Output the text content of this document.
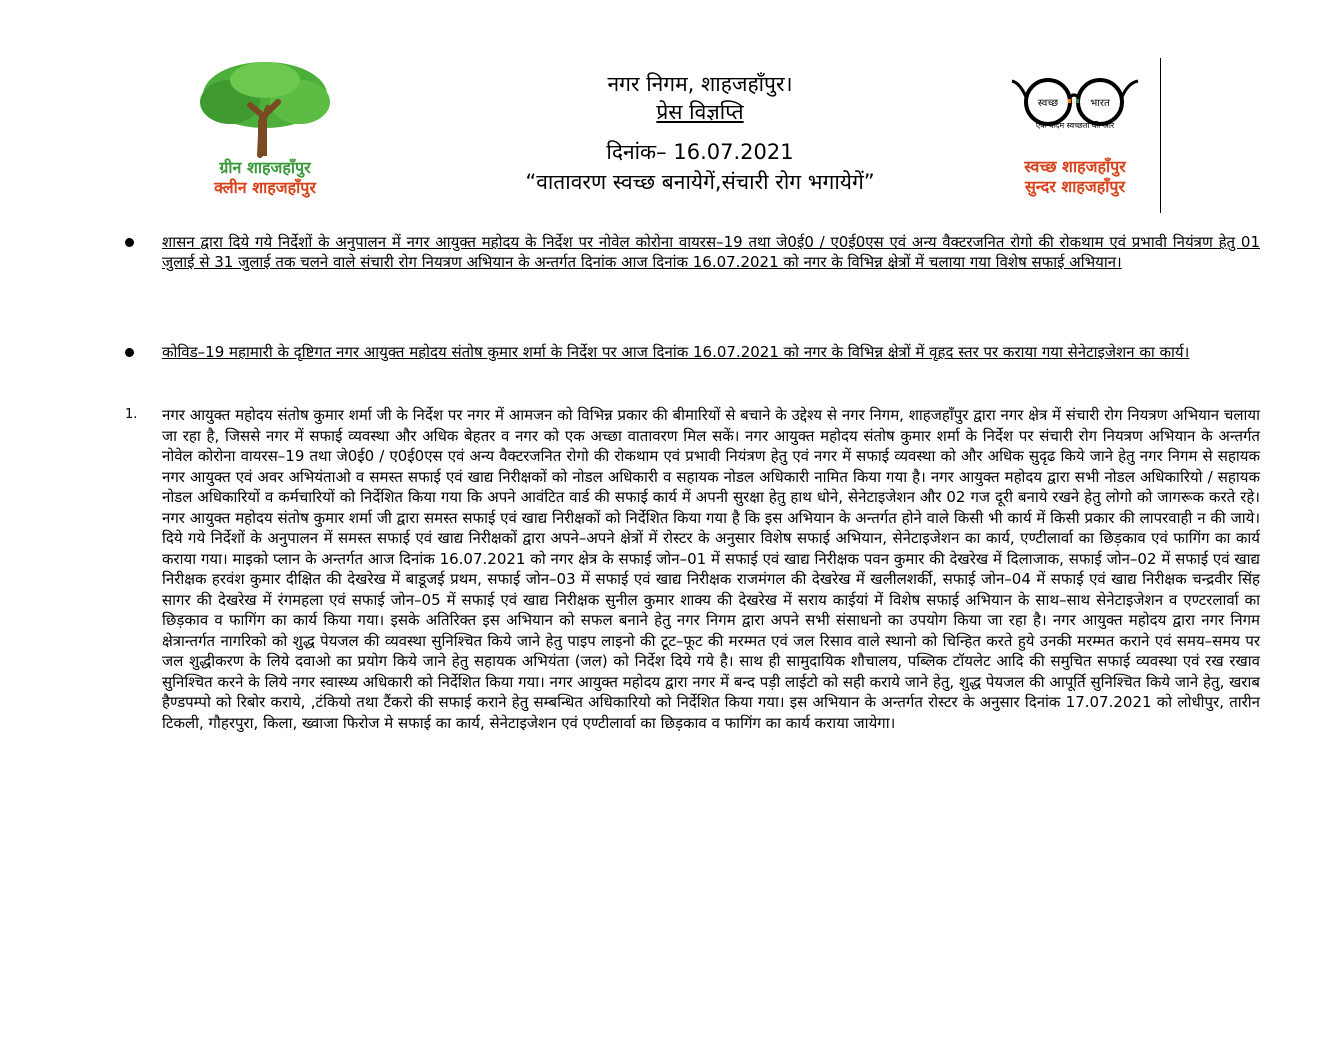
ग्रीन शाहजहाँपुर
क्लीन शाहजहाँपुर
नगर निगम, शाहजहाँपुर।
प्रेस विज्ञप्ति
दिनांक– 16.07.2021
“वातावरण स्वच्छ बनायेगें,संचारी रोग भगायेगें”
स्वच्छ	भारत
एक कदम स्वच्छता की ओर
स्वच्छ शाहजहाँपुर
सुन्दर शाहजहाँपुर
शासन द्वारा दिये गये निर्देशों के अनुपालन में नगर आयुक्त महोदय के निर्देश पर नोवेल कोरोना वायरस–19 तथा जे0ई0 / ए0ई0एस एवं अन्य वैक्टरजनित रोगो की रोकथाम एवं प्रभावी नियंत्रण हेतु 01 जुलाई से 31 जुलाई तक चलने वाले संचारी रोग नियत्रण अभियान के अन्तर्गत दिनांक आज दिनांक 16.07.2021 को नगर के विभिन्न क्षेत्रों में चलाया गया विशेष सफाई अभियान।
कोविड–19 महामारी के दृष्टिगत नगर आयुक्त महोदय संतोष कुमार शर्मा के निर्देश पर आज दिनांक 16.07.2021 को नगर के विभिन्न क्षेत्रों में वृहद स्तर पर कराया गया सेनेटाइजेशन का कार्य।
1. नगर आयुक्त महोदय संतोष कुमार शर्मा जी के निर्देश पर नगर में आमजन को विभिन्न प्रकार की बीमारियों से बचाने के उद्देश्य से नगर निगम, शाहजहाँपुर द्वारा नगर क्षेत्र में संचारी रोग नियत्रण अभियान चलाया जा रहा है, जिससे नगर में सफाई व्यवस्था और अधिक बेहतर व नगर को एक अच्छा वातावरण मिल सकें। नगर आयुक्त महोदय संतोष कुमार शर्मा के निर्देश पर संचारी रोग नियत्रण अभियान के अन्तर्गत नोवेल कोरोना वायरस–19 तथा जे0ई0 / ए0ई0एस एवं अन्य वैक्टरजनित रोगो की रोकथाम एवं प्रभावी नियंत्रण हेतु एवं नगर में सफाई व्यवस्था को और अधिक सुदृढ किये जाने हेतु नगर निगम से सहायक नगर आयुक्त एवं अवर अभियंताओ व समस्त सफाई एवं खाद्य निरीक्षकों को नोडल अधिकारी व सहायक नोडल अधिकारी नामित किया गया है। नगर आयुक्त महोदय द्वारा सभी नोडल अधिकारियो / सहायक नोडल अधिकारियों व कर्मचारियों को निर्देशित किया गया कि अपने आवंटित वार्ड की सफाई कार्य में अपनी सुरक्षा हेतु हाथ धोने, सेनेटाइजेशन और 02 गज दूरी बनाये रखने हेतु लोगो को जागरूक करते रहे। नगर आयुक्त महोदय संतोष कुमार शर्मा जी द्वारा समस्त सफाई एवं खाद्य निरीक्षकों को निर्देशित किया गया है कि इस अभियान के अन्तर्गत होने वाले किसी भी कार्य में किसी प्रकार की लापरवाही न की जाये। दिये गये निर्देशों के अनुपालन में समस्त सफाई एवं खाद्य निरीक्षकों द्वारा अपने–अपने क्षेत्रों में रोस्टर के अनुसार विशेष सफाई अभियान, सेनेटाइजेशन का कार्य, एण्टीलार्वा का छिड़काव एवं फागिंग का कार्य कराया गया। माइको प्लान के अन्तर्गत आज दिनांक 16.07.2021 को नगर क्षेत्र के सफाई जोन–01 में सफाई एवं खाद्य निरीक्षक पवन कुमार की देखरेख में दिलाजाक, सफाई जोन–02 में सफाई एवं खाद्य निरीक्षक हरवंश कुमार दीक्षित की देखरेख में बाडूजई प्रथम, सफाई जोन–03 में सफाई एवं खाद्य निरीक्षक राजमंगल की देखरेख में खलीलशर्की, सफाई जोन–04 में सफाई एवं खाद्य निरीक्षक चन्द्रवीर सिंह सागर की देखरेख में रंगमहला एवं सफाई जोन–05 में सफाई एवं खाद्य निरीक्षक सुनील कुमार शाक्य की देखरेख में सराय काईयां में विशेष सफाई अभियान के साथ–साथ सेनेटाइजेशन व एण्टरलार्वा का छिड़काव व फागिंग का कार्य किया गया। इसके अतिरिक्त इस अभियान को सफल बनाने हेतु नगर निगम द्वारा अपने सभी संसाधनो का उपयोग किया जा रहा है। नगर आयुक्त महोदय द्वारा नगर निगम क्षेत्रान्तर्गत नागरिको को शुद्ध पेयजल की व्यवस्था सुनिश्चित किये जाने हेतु पाइप लाइनो की टूट–फूट की मरम्मत एवं जल रिसाव वाले स्थानो को चिन्हित करते हुये उनकी मरम्मत कराने एवं समय–समय पर जल शुद्धीकरण के लिये दवाओ का प्रयोग किये जाने हेतु सहायक अभियंता (जल) को निर्देश दिये गये है। साथ ही सामुदायिक शौचालय, पब्लिक टॉयलेट आदि की समुचित सफाई व्यवस्था एवं रख रखाव सुनिश्चित करने के लिये नगर स्वास्थ्य अधिकारी को निर्देशित किया गया। नगर आयुक्त महोदय द्वारा नगर में बन्द पड़ी लाईटो को सही कराये जाने हेतु, शुद्ध पेयजल की आपूर्ति सुनिश्चित किये जाने हेतु, खराब हैण्डपम्पो को रिबोर कराये, ,टंकियो तथा टैंकरो की सफाई कराने हेतु सम्बन्धित अधिकारियो को निर्देशित किया गया। इस अभियान के अन्तर्गत रोस्टर के अनुसार दिनांक 17.07.2021 को लोधीपुर, तारीन टिकली, गौहरपुरा, किला, ख्वाजा फिरोज मे सफाई का कार्य, सेनेटाइजेशन एवं एण्टीलार्वा का छिड़काव व फागिंग का कार्य कराया जायेगा।
